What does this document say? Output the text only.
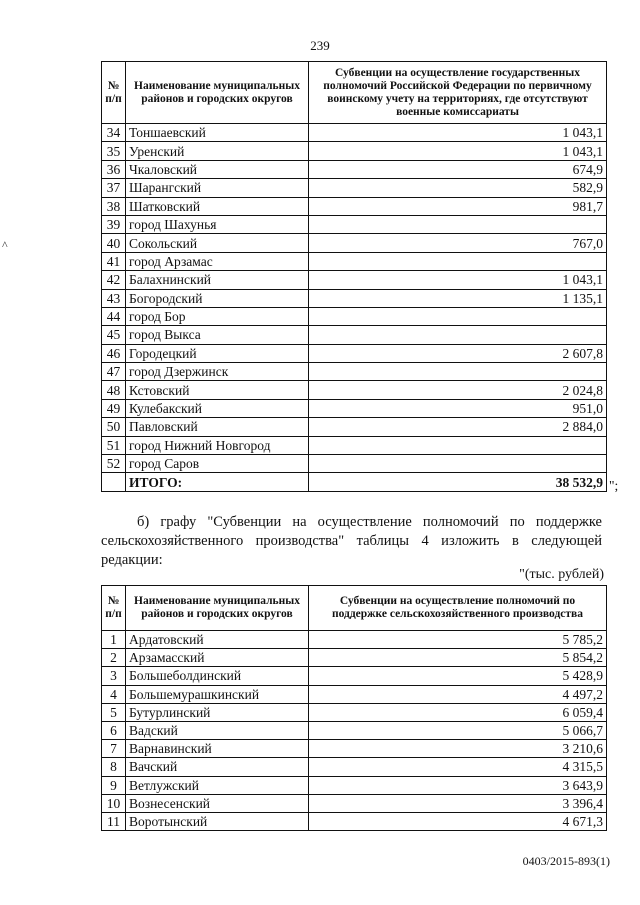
239
^
№ п/п	Наименование муниципальных районов и городских округов	Субвенции на осуществление государственных полномочий Российской Федерации по первичному воинскому учету на территориях, где отсутствуют военные комиссариаты
34	Тоншаевский	1 043,1
35	Уренский	1 043,1
36	Чкаловский	674,9
37	Шарангский	582,9
38	Шатковский	981,7
39	город Шахунья	
40	Сокольский	767,0
41	город Арзамас	
42	Балахнинский	1 043,1
43	Богородский	1 135,1
44	город Бор	
45	город Выкса	
46	Городецкий	2 607,8
47	город Дзержинск	
48	Кстовский	2 024,8
49	Кулебакский	951,0
50	Павловский	2 884,0
51	город Нижний Новгород	
52	город Саров	
	ИТОГО:	38 532,9 ";
б) графу "Субвенции на осуществление полномочий по поддержке сельскохозяйственного производства" таблицы 4 изложить в следующей редакции:
"(тыс. рублей)
№ п/п	Наименование муниципальных районов и городских округов	Субвенции на осуществление полномочий по поддержке сельскохозяйственного производства
1	Ардатовский	5 785,2
2	Арзамасский	5 854,2
3	Большеболдинский	5 428,9
4	Большемурашкинский	4 497,2
5	Бутурлинский	6 059,4
6	Вадский	5 066,7
7	Варнавинский	3 210,6
8	Вачский	4 315,5
9	Ветлужский	3 643,9
10	Вознесенский	3 396,4
11	Воротынский	4 671,3
0403/2015-893(1)
